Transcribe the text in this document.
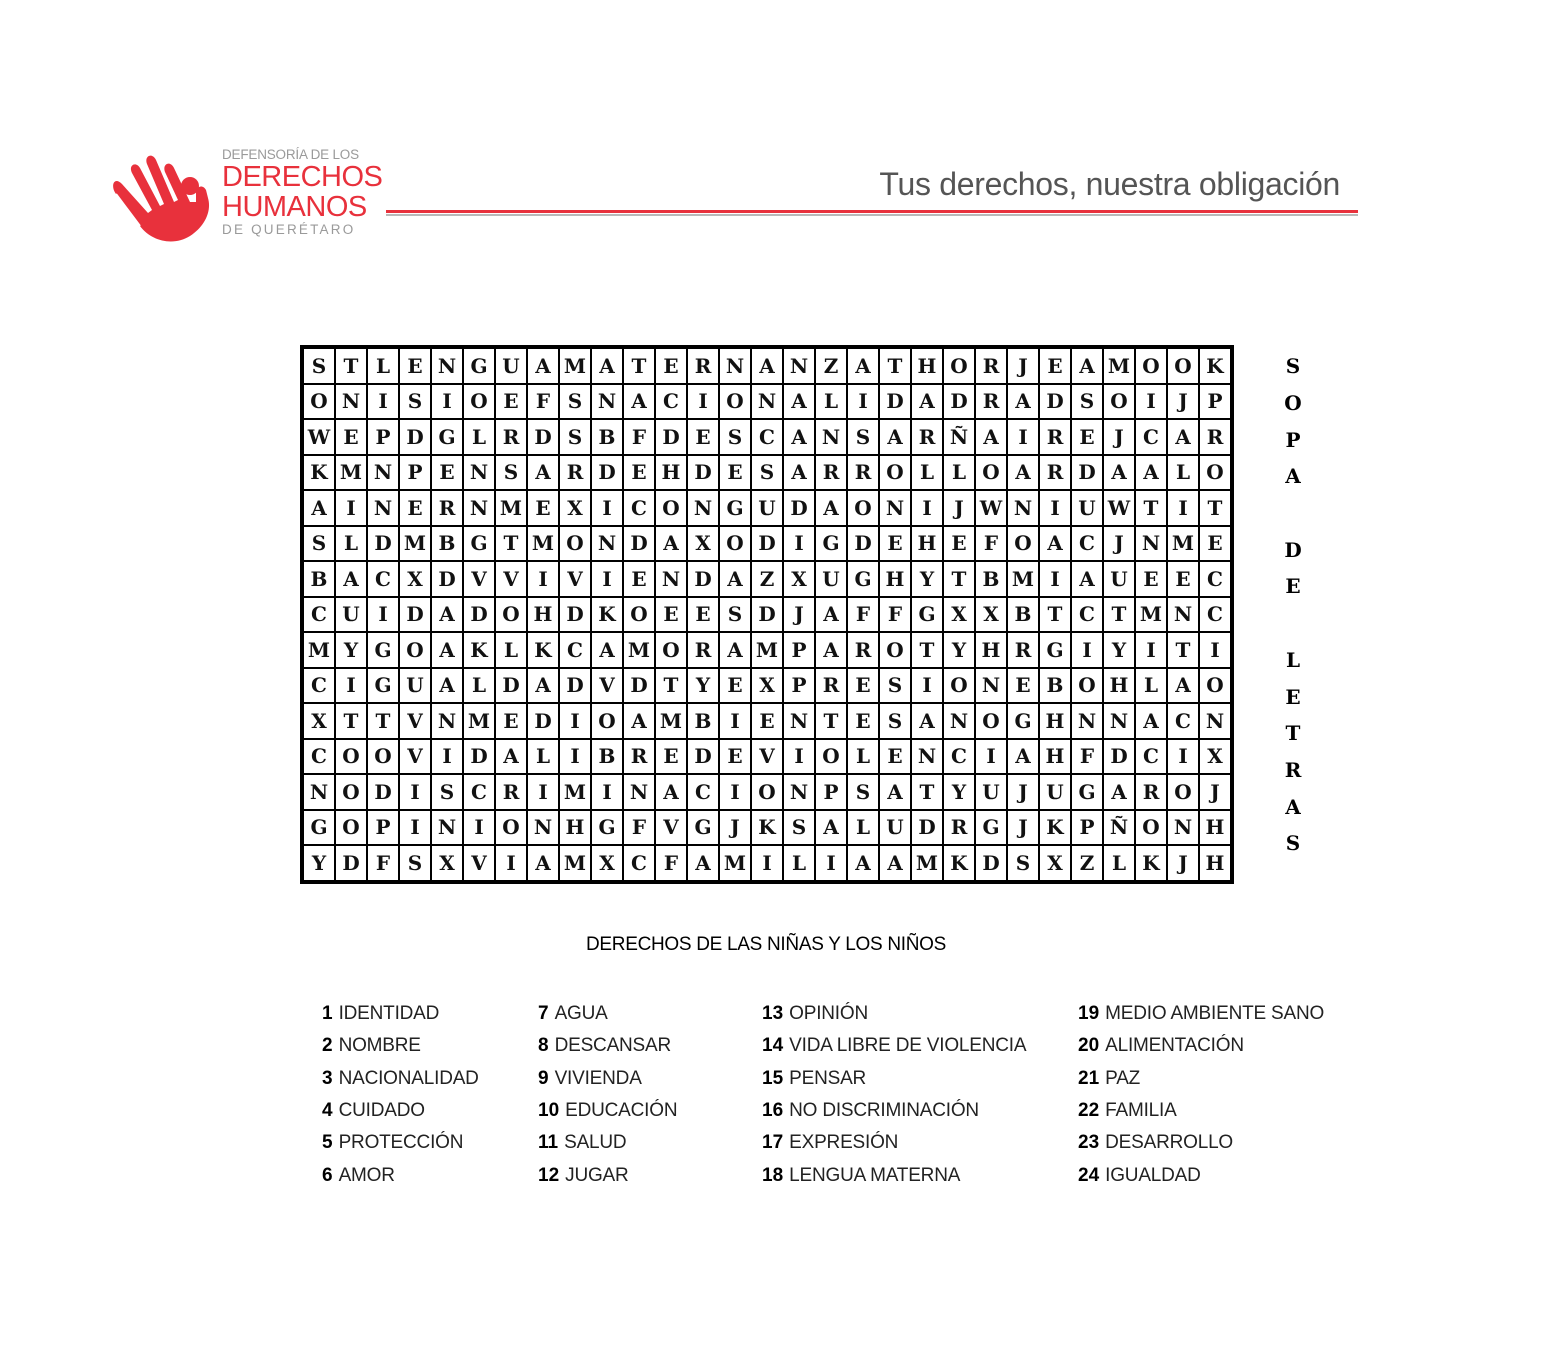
DEFENSORÍA DE LOS
DERECHOS
HUMANOS
DE QUERÉTARO
Tus derechos, nuestra obligación
S T L E N G U A M A T E R N A N Z A T H O R J E A M O O K
O N I	S	I O E F S N A C I O N A L	I D A D R A D S O I	J P
W E P D G L R D S B F D E S C A N S A R Ñ A I R E J C A R
K M N P E N S A R D E H D E S A R R O L L O A R D A A L O
A I N E R N M E X I C O N G U D A O N I	J W N I U W T I T
S L D M B G T M O N D A X O D I G D E H E F O A C J N M E
B A C X D V V I V I E N D A Z X U G H Y T B M I A U E E C
C U I D A D O H D K O E E S D J A F F G X X B T C T M N C
M Y G O A K L K C A M O R A M P A R O T Y H R G I	Y	I T I
C I G U A L D A D V D T Y E X P R E S	I O N E B O H L A O
X T T V N M E D I O A M B I E N T E S A N O G H N N A C N
C O O V I D A L	I B R E D E V I O L E N C I A H F D C I X
N O D I	S C R I M I N A C I O N P S A T Y U J U G A R O J
G O P I N I O N H G F V G J K S A L U D R G J K P Ñ O N H
Y D F S X V I A M X C F A M I	L	I A A M K D S X Z L K J H
S
O
P
A
D
E
L
E
T
R
A
S
DERECHOS DE LAS NIÑAS Y LOS NIÑOS
1 IDENTIDAD
2 NOMBRE
3 NACIONALIDAD
4 CUIDADO
5 PROTECCIÓN
6 AMOR
7 AGUA
8 DESCANSAR
9 VIVIENDA
10 EDUCACIÓN
11 SALUD
12 JUGAR
13 OPINIÓN
14 VIDA LIBRE DE VIOLENCIA
15 PENSAR
16 NO DISCRIMINACIÓN
17 EXPRESIÓN
18 LENGUA MATERNA
19 MEDIO AMBIENTE SANO
20 ALIMENTACIÓN
21 PAZ
22 FAMILIA
23 DESARROLLO
24 IGUALDAD
